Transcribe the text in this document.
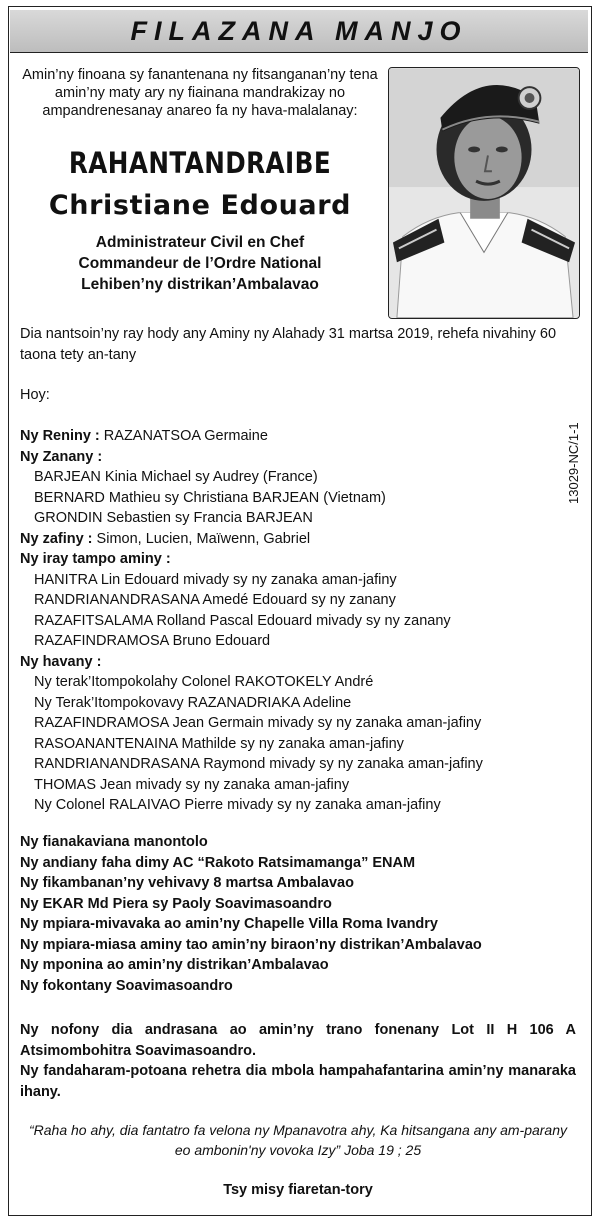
FILAZANA MANJO
Amin’ny finoana sy fanantenana ny fitsanganan’ny tena amin’ny maty ary ny fiainana mandrakizay no ampandrenesanay anareo fa ny hava-malalanay:
RAHANTANDRAIBE
Christiane Edouard
Administrateur Civil en Chef
Commandeur de l’Ordre National
Lehiben’ny distrikan’Ambalavao
Dia nantsoin’ny ray hody any Aminy ny Alahady 31 martsa 2019, rehefa nivahiny 60 taona tety an-tany
Hoy:
Ny Reniny : RAZANATSOA Germaine
Ny Zanany :
BARJEAN Kinia Michael sy Audrey (France)
BERNARD Mathieu sy Christiana BARJEAN (Vietnam)
GRONDIN Sebastien sy Francia BARJEAN
Ny zafiny : Simon, Lucien, Maïwenn, Gabriel
Ny iray tampo aminy :
HANITRA Lin Edouard mivady sy ny zanaka aman-jafiny
RANDRIANANDRASANA Amedé Edouard sy ny zanany
RAZAFITSALAMA Rolland Pascal Edouard mivady sy ny zanany
RAZAFINDRAMOSA Bruno Edouard
Ny havany :
Ny terak’Itompokolahy Colonel RAKOTOKELY André
Ny Terak’Itompokovavy RAZANADRIAKA Adeline
RAZAFINDRAMOSA Jean Germain mivady sy ny zanaka aman-jafiny
RASOANANTENAINA Mathilde sy ny zanaka aman-jafiny
RANDRIANANDRASANA Raymond mivady sy ny zanaka aman-jafiny
THOMAS Jean mivady sy ny zanaka aman-jafiny
Ny Colonel RALAIVAO Pierre mivady sy ny zanaka aman-jafiny
Ny fianakaviana manontolo
Ny andiany faha dimy AC “Rakoto Ratsimamanga” ENAM
Ny fikambanan’ny vehivavy 8 martsa Ambalavao
Ny EKAR Md Piera sy Paoly Soavimasoandro
Ny mpiara-mivavaka ao amin’ny Chapelle Villa Roma Ivandry
Ny mpiara-miasa aminy tao amin’ny biraon’ny distrikan’Ambalavao
Ny mponina ao amin’ny distrikan’Ambalavao
Ny fokontany Soavimasoandro
Ny nofony dia andrasana ao amin’ny trano fonenany Lot II H 106 A Atsimombohitra Soavimasoandro.
Ny fandaharam-potoana rehetra dia mbola hampahafantarina amin’ny manaraka ihany.
“Raha ho ahy, dia fantatro fa velona ny Mpanavotra ahy, Ka hitsangana any am-parany eo ambonin'ny vovoka Izy” Joba 19 ; 25
Tsy misy fiaretan-tory
13029-NC/1-1
